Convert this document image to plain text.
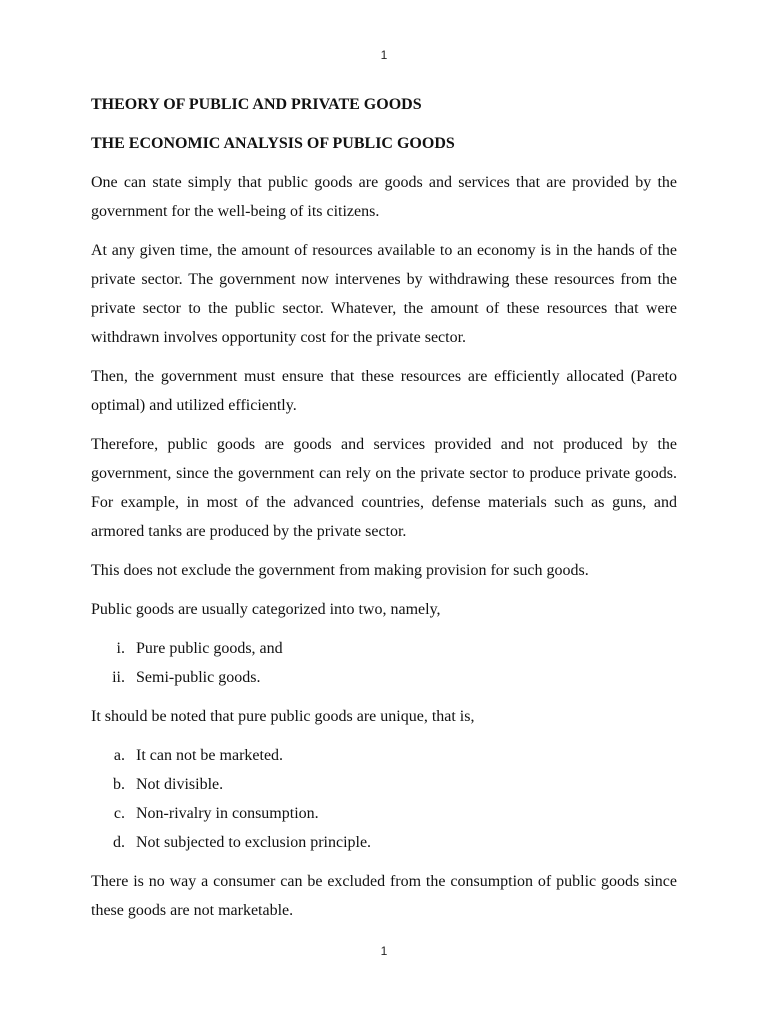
1
THEORY OF PUBLIC AND PRIVATE GOODS
THE ECONOMIC ANALYSIS OF PUBLIC GOODS

One can state simply that public goods are goods and services that are provided by the government for the well-being of its citizens.

At any given time, the amount of resources available to an economy is in the hands of the private sector. The government now intervenes by withdrawing these resources from the private sector to the public sector. Whatever, the amount of these resources that were withdrawn involves opportunity cost for the private sector.

Then, the government must ensure that these resources are efficiently allocated (Pareto optimal) and utilized efficiently.

Therefore, public goods are goods and services provided and not produced by the government, since the government can rely on the private sector to produce private goods. For example, in most of the advanced countries, defense materials such as guns, and armored tanks are produced by the private sector.

This does not exclude the government from making provision for such goods.

Public goods are usually categorized into two, namely,

i. Pure public goods, and
ii. Semi-public goods.

It should be noted that pure public goods are unique, that is,

a. It can not be marketed.
b. Not divisible.
c. Non-rivalry in consumption.
d. Not subjected to exclusion principle.

There is no way a consumer can be excluded from the consumption of public goods since these goods are not marketable.

1
